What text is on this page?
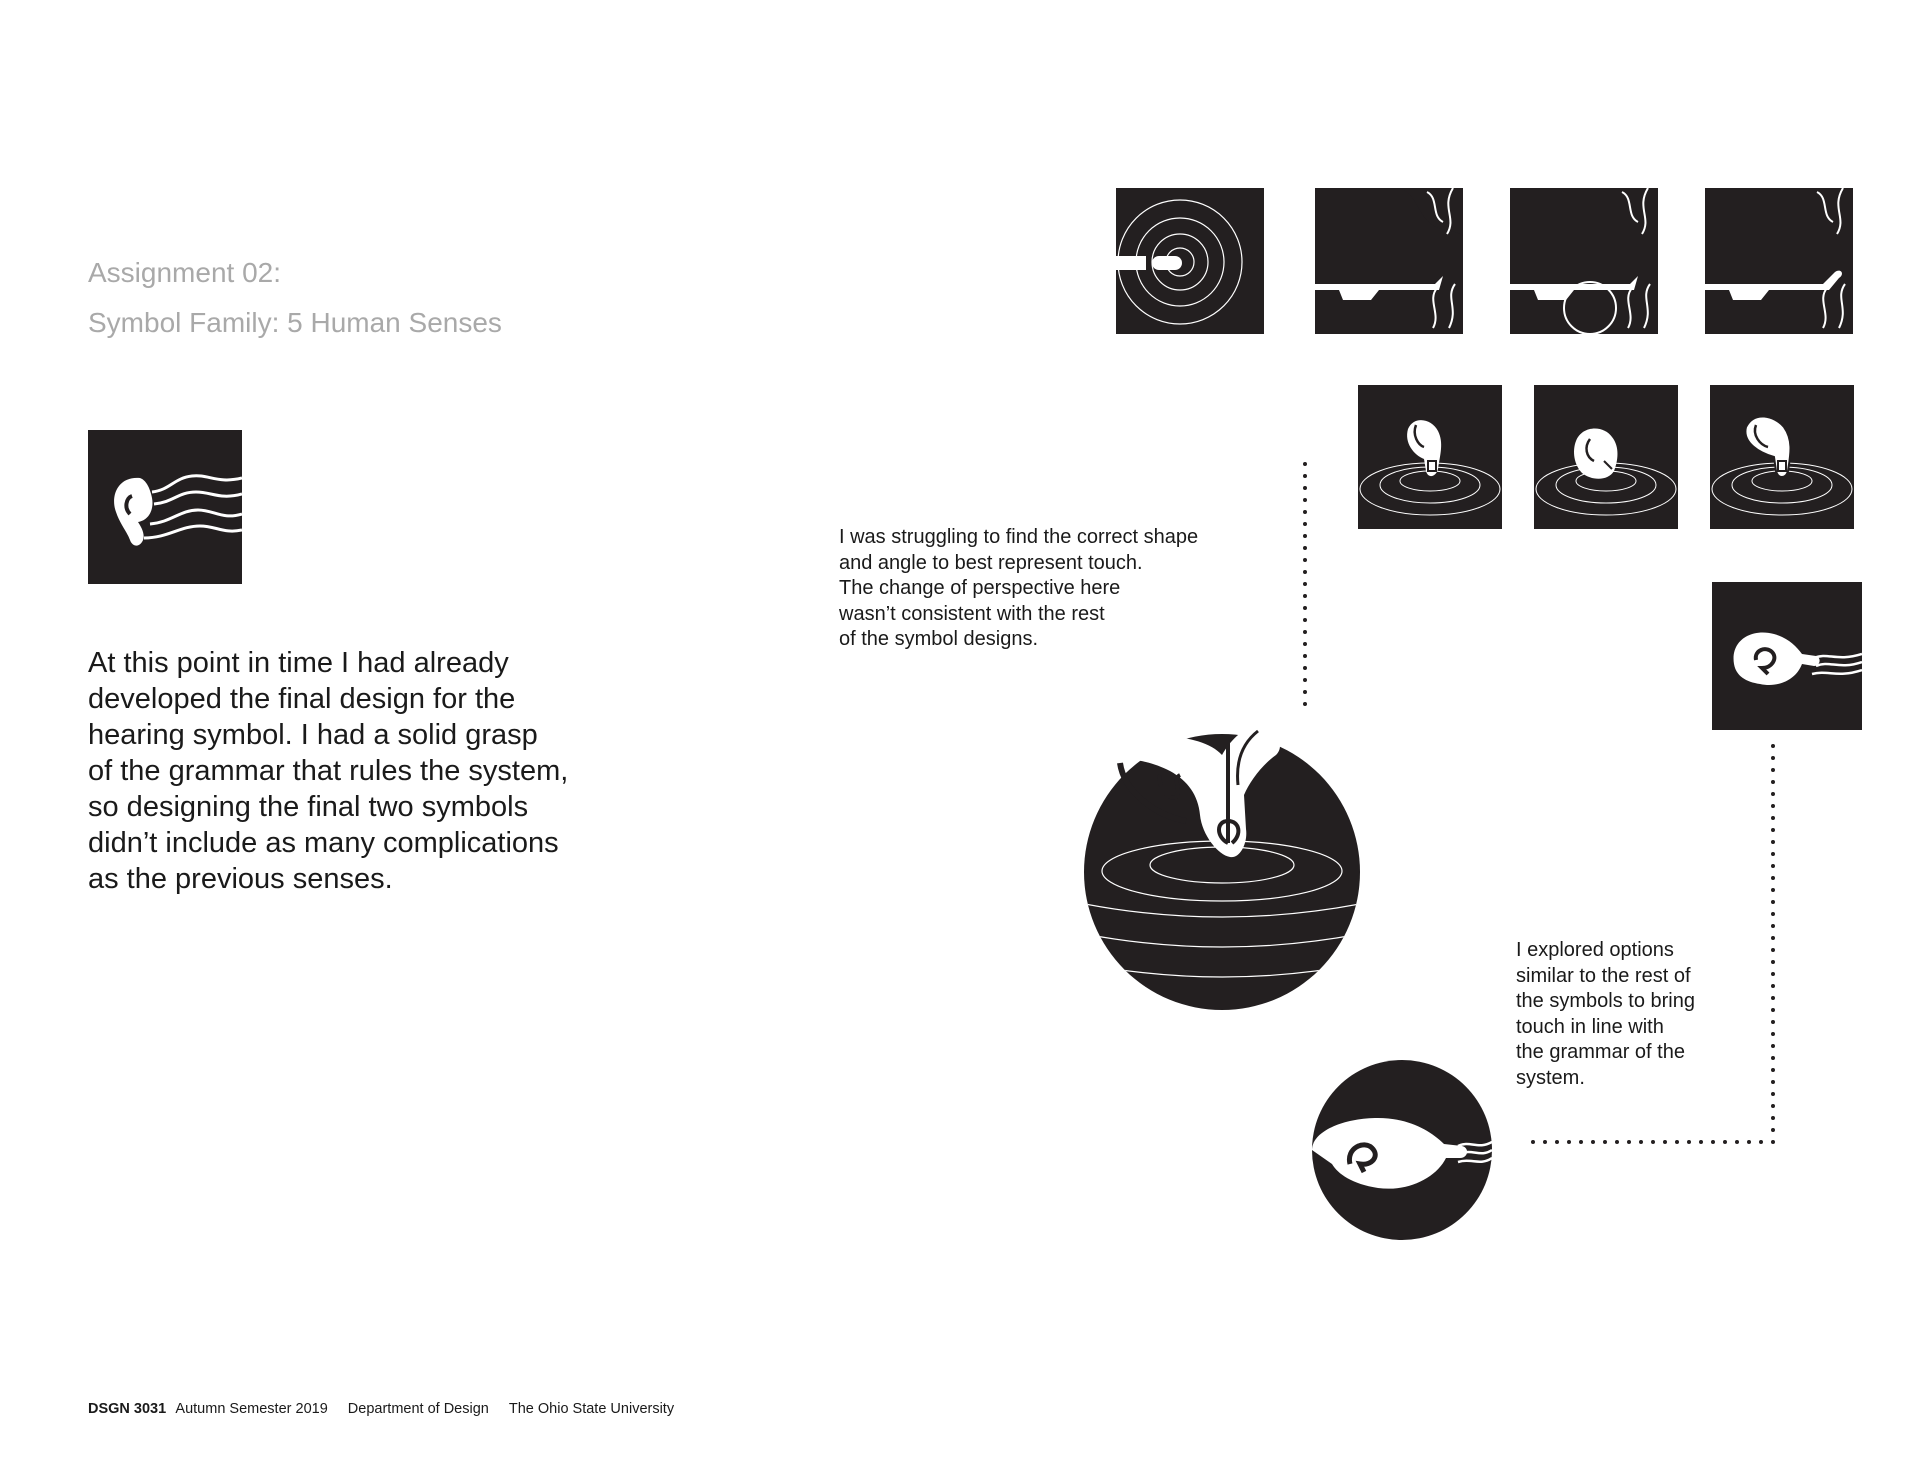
Assignment 02:
Symbol Family: 5 Human Senses
At this point in time I had already
developed the final design for the
hearing symbol. I had a solid grasp
of the grammar that rules the system,
so designing the final two symbols
didn’t include as many complications
as the previous senses.
I was struggling to find the correct shape
and angle to best represent touch.
The change of perspective here
wasn’t consistent with the rest
of the symbol designs.
I explored options
similar to the rest of
the symbols to bring
touch in line with
the grammar of the
system.
DSGN 3031 Autumn Semester 2019 Department of Design The Ohio State University
